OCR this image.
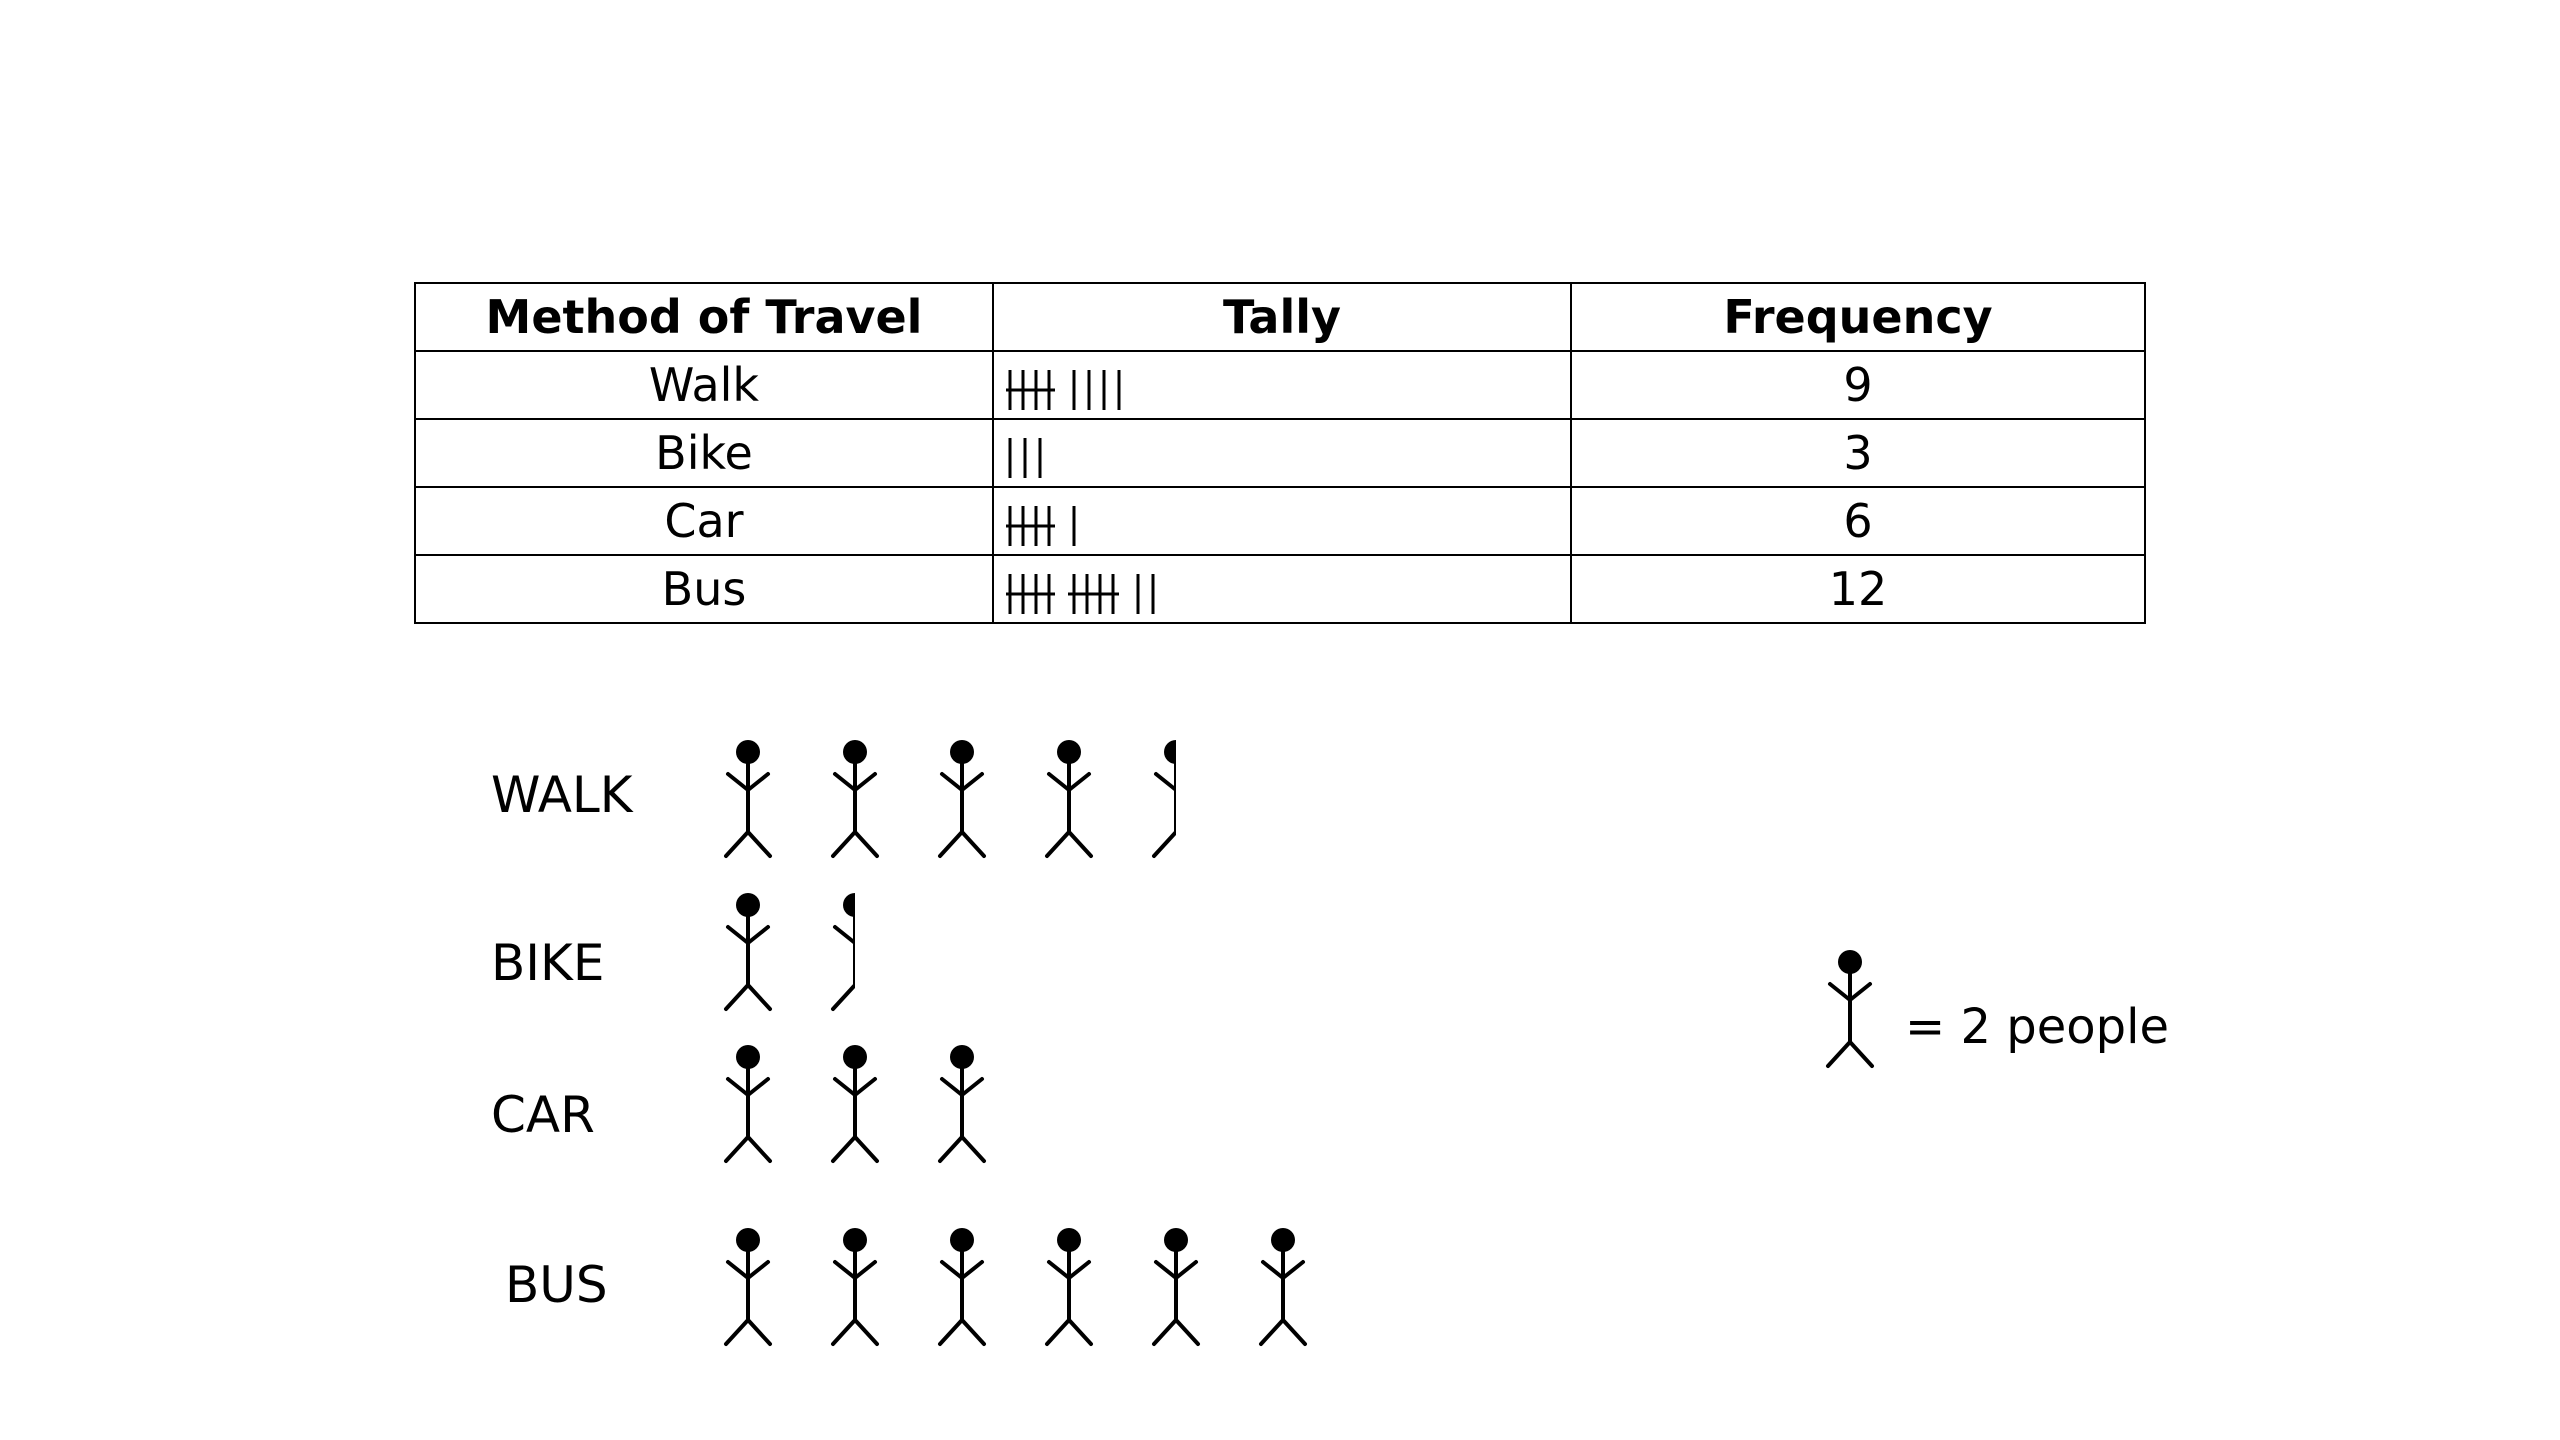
Method of Travel	Tally	Frequency
Walk		9
Bike		3
Car		6
Bus		12
WALK
BIKE
CAR
BUS
= 2 people
